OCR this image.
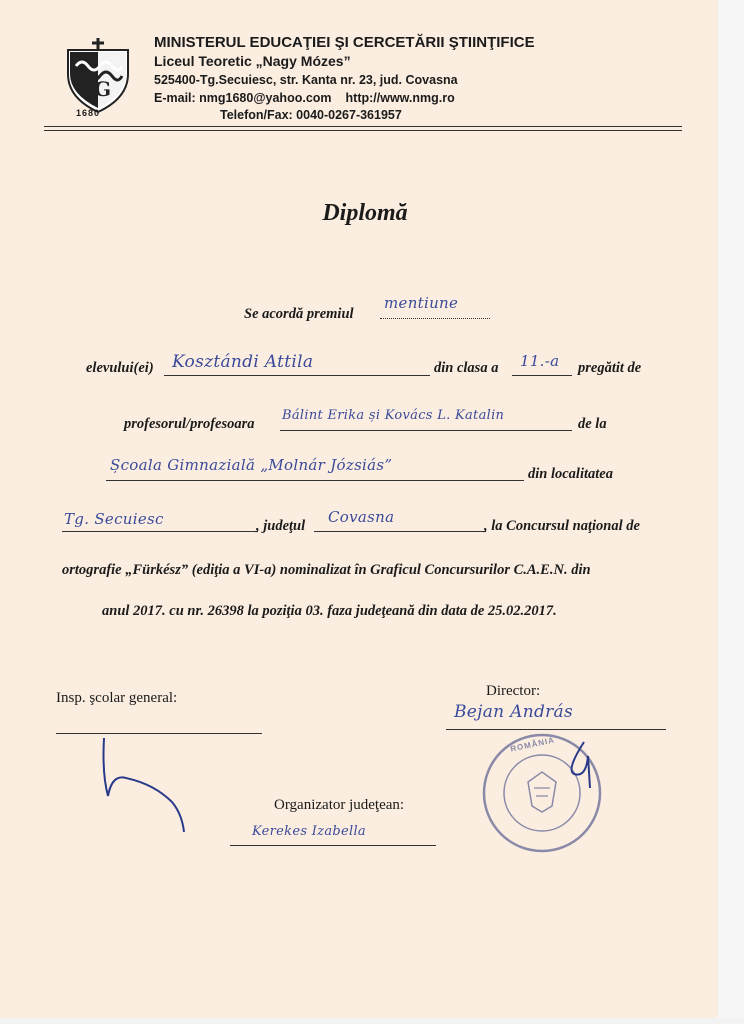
G
1680
MINISTERUL EDUCAŢIEI ŞI CERCETĂRII ŞTIINŢIFICE
Liceul Teoretic „Nagy Mózes”
525400-Tg.Secuiesc, str. Kanta nr. 23, jud. Covasna
E-mail: nmg1680@yahoo.com http://www.nmg.ro
Telefon/Fax: 0040-0267-361957
Diplomă
Se acordă premiul
mentiune
elevului(ei) Kosztándi Attila	din clasa a 11.-a pregătit de
profesorul/profesoara
Bálint Erika și Kovács L. Katalin
de la
Școala Gimnazială „Molnár Józsiás”	din localitatea
Tg. Secuiesc	, judeţul Covasna	, la Concursul naţional de
ortografie „Fürkész” (ediţia a VI-a) nominalizat în Graficul Concursurilor C.A.E.N. din
anul 2017. cu nr. 26398 la poziţia 03. faza judeţeană din data de 25.02.2017.
Insp. şcolar general:	Director:
Bejan András
ROMÂNIA
Organizator judeţean:
Kerekes Izabella
